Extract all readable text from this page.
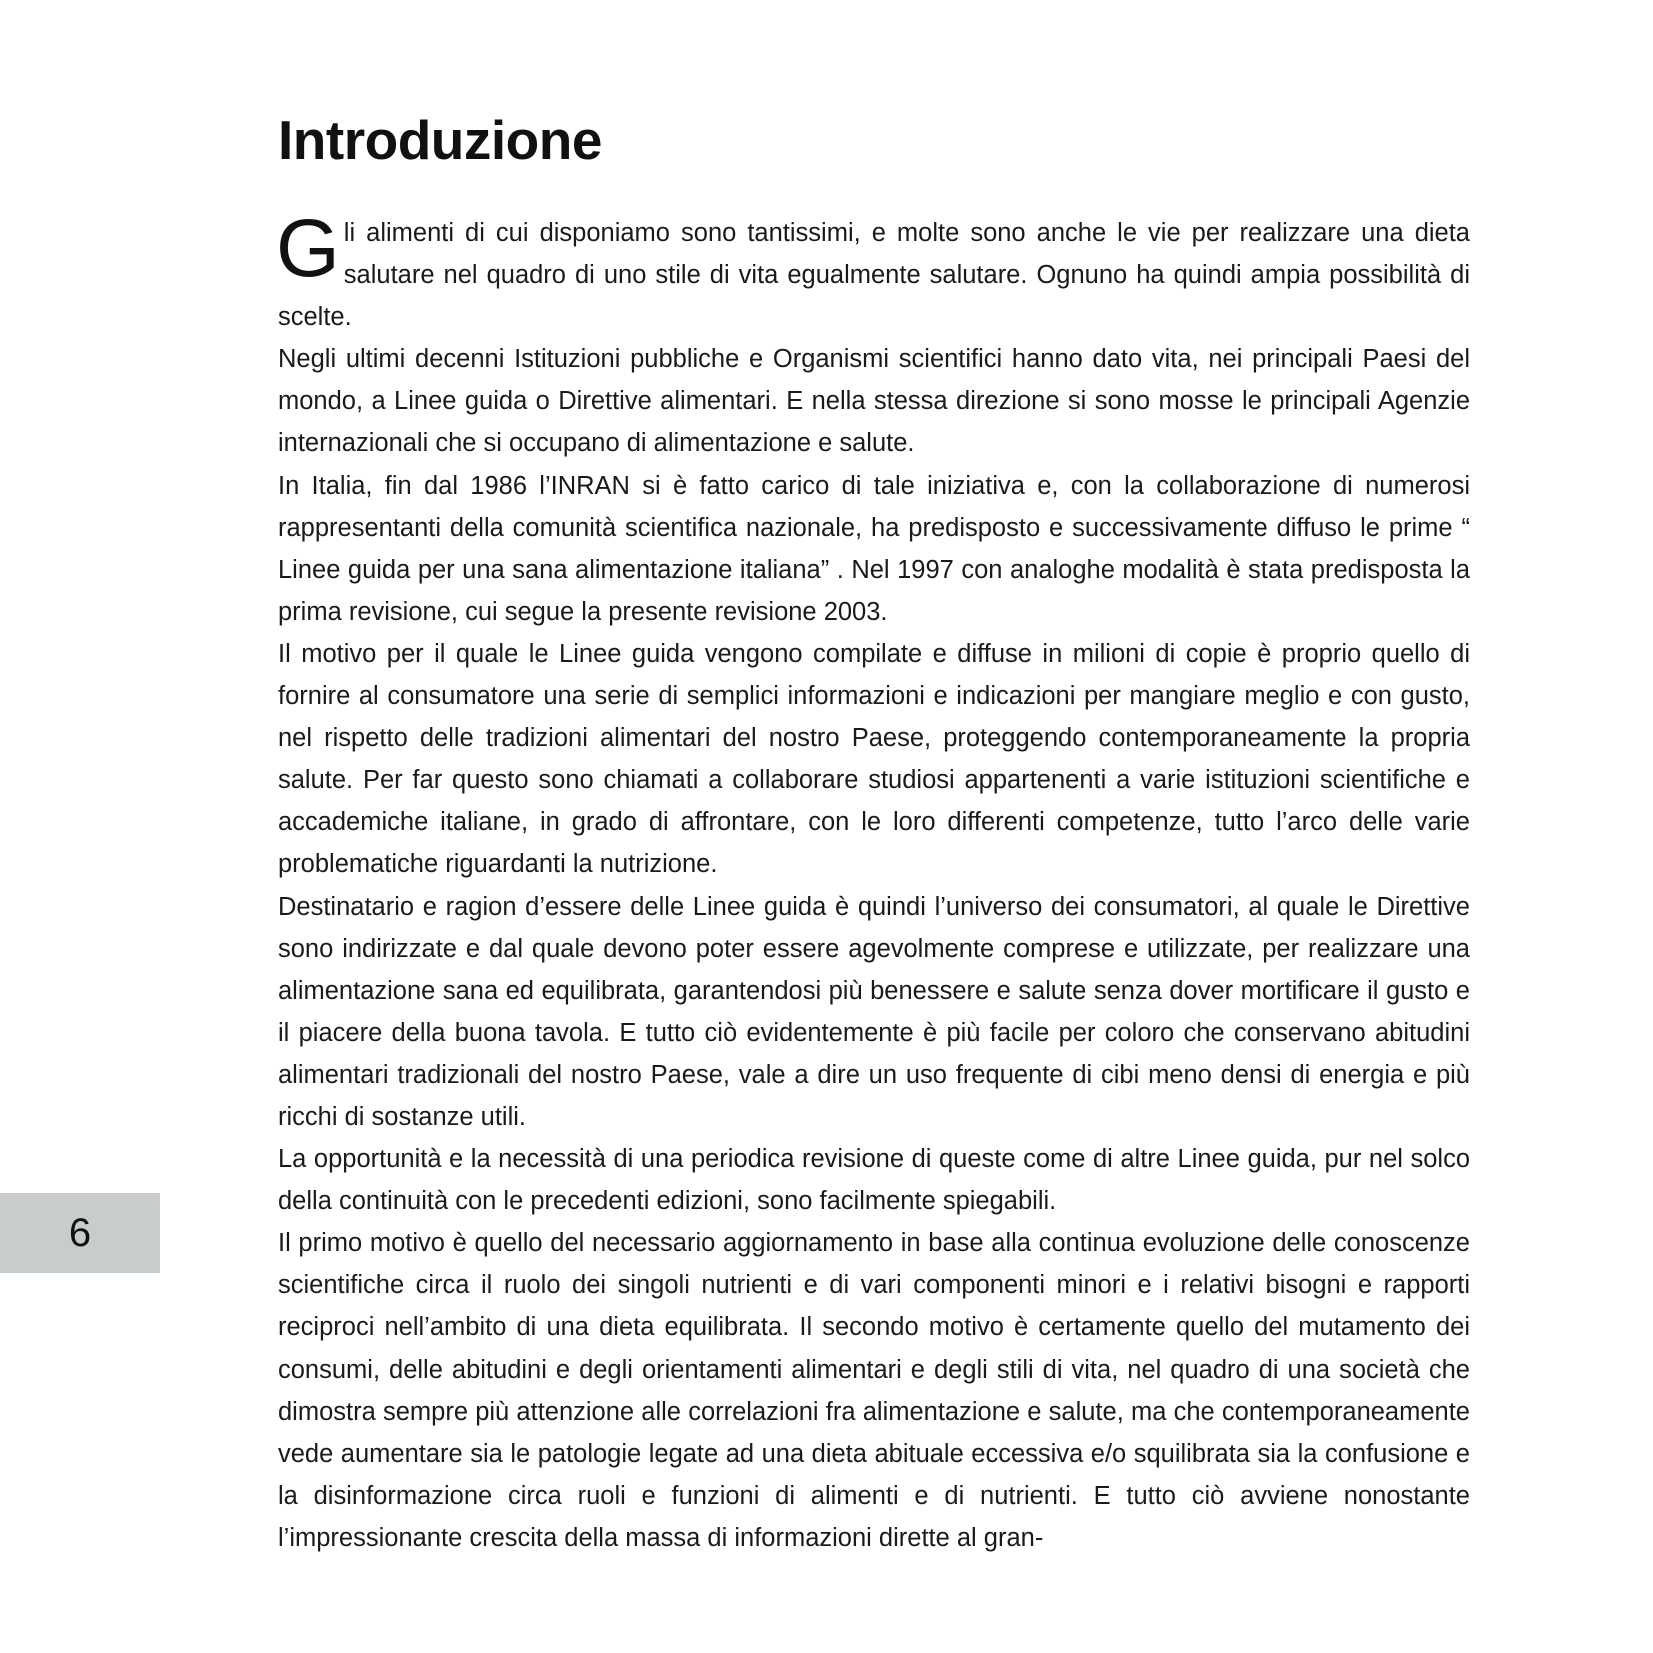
Introduzione

Gli alimenti di cui disponiamo sono tantissimi, e molte sono anche le vie per realizzare una dieta salutare nel quadro di uno stile di vita egualmente salutare. Ognuno ha quindi ampia possibilità di scelte.

Negli ultimi decenni Istituzioni pubbliche e Organismi scientifici hanno dato vita, nei principali Paesi del mondo, a Linee guida o Direttive alimentari. E nella stessa direzione si sono mosse le principali Agenzie internazionali che si occupano di alimentazione e salute.

In Italia, fin dal 1986 l’INRAN si è fatto carico di tale iniziativa e, con la collaborazione di numerosi rappresentanti della comunità scientifica nazionale, ha predisposto e successivamente diffuso le prime “ Linee guida per una sana alimentazione italiana” . Nel 1997 con analoghe modalità è stata predisposta la prima revisione, cui segue la presente revisione 2003.

Il motivo per il quale le Linee guida vengono compilate e diffuse in milioni di copie è proprio quello di fornire al consumatore una serie di semplici informazioni e indicazioni per mangiare meglio e con gusto, nel rispetto delle tradizioni alimentari del nostro Paese, proteggendo contemporaneamente la propria salute. Per far questo sono chiamati a collaborare studiosi appartenenti a varie istituzioni scientifiche e accademiche italiane, in grado di affrontare, con le loro differenti competenze, tutto l’arco delle varie problematiche riguardanti la nutrizione.

Destinatario e ragion d’essere delle Linee guida è quindi l’universo dei consumatori, al quale le Direttive sono indirizzate e dal quale devono poter essere agevolmente comprese e utilizzate, per realizzare una alimentazione sana ed equilibrata, garantendosi più benessere e salute senza dover mortificare il gusto e il piacere della buona tavola. E tutto ciò evidentemente è più facile per coloro che conservano abitudini alimentari tradizionali del nostro Paese, vale a dire un uso frequente di cibi meno densi di energia e più ricchi di sostanze utili.

La opportunità e la necessità di una periodica revisione di queste come di altre Linee guida, pur nel solco della continuità con le precedenti edizioni, sono facilmente spiegabili.

Il primo motivo è quello del necessario aggiornamento in base alla continua evoluzione delle conoscenze scientifiche circa il ruolo dei singoli nutrienti e di vari componenti minori e i relativi bisogni e rapporti reciproci nell’ambito di una dieta equilibrata. Il secondo motivo è certamente quello del mutamento dei consumi, delle abitudini e degli orientamenti alimentari e degli stili di vita, nel quadro di una società che dimostra sempre più attenzione alle correlazioni fra alimentazione e salute, ma che contemporaneamente vede aumentare sia le patologie legate ad una dieta abituale eccessiva e/o squilibrata sia la confusione e la disinformazione circa ruoli e funzioni di alimenti e di nutrienti. E tutto ciò avviene nonostante l’impressionante crescita della massa di informazioni dirette al gran-

6
